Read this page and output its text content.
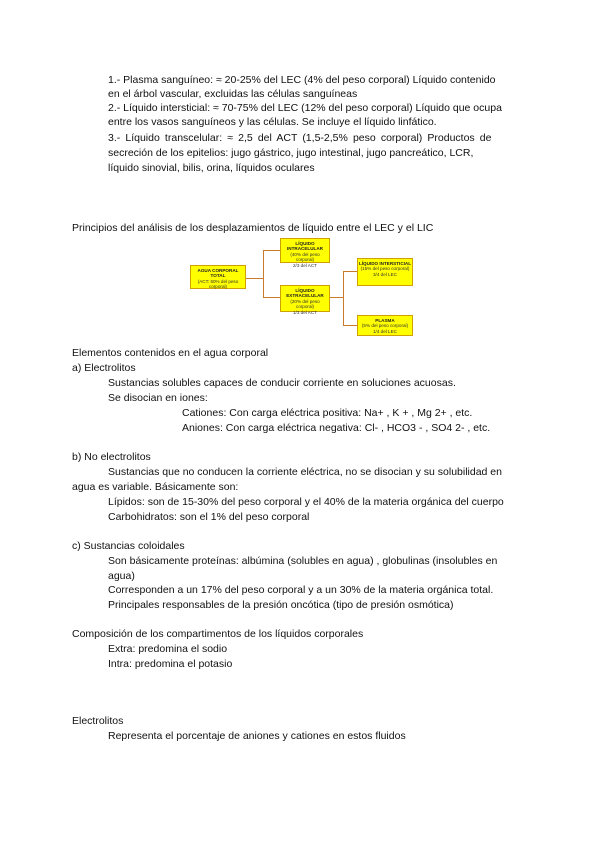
1.- Plasma sanguíneo: ≈ 20-25% del LEC (4% del peso corporal) Líquido contenido
en el árbol vascular, excluidas las células sanguíneas
2.- Líquido intersticial: ≈ 70-75% del LEC (12% del peso corporal) Líquido que ocupa
entre los vasos sanguíneos y las células. Se incluye el líquido linfático.
3.- Líquido transcelular: ≈ 2,5 del ACT (1,5-2,5% peso corporal) Productos de
secreción de los epitelios: jugo gástrico, jugo intestinal, jugo pancreático, LCR,
líquido sinovial, bilis, orina, líquidos oculares
Principios del análisis de los desplazamientos de líquido entre el LEC y el LIC
AGUA CORPORAL TOTAL
(ACT: 60% del peso corporal)
LÍQUIDO INTRACELULAR
(40% del peso corporal)
2/3 del ACT
LÍQUIDO EXTRACELULAR
(20% del peso corporal)
1/3 del ACT
LÍQUIDO INTERSTICIAL
(15% del peso corporal)
3/4 del LEC
PLASMA
(5% del peso corporal)
1/4 del LEC
Elementos contenidos en el agua corporal
a) Electrolitos
Sustancias solubles capaces de conducir corriente en soluciones acuosas.
Se disocian en iones:
Cationes: Con carga eléctrica positiva: Na+ , K + , Mg 2+ , etc.
Aniones: Con carga eléctrica negativa: Cl- , HCO3 - , SO4 2- , etc.
b) No electrolitos
Sustancias que no conducen la corriente eléctrica, no se disocian y su solubilidad en
agua es variable. Básicamente son:
Lípidos: son de 15-30% del peso corporal y el 40% de la materia orgánica del cuerpo
Carbohidratos: son el 1% del peso corporal
c) Sustancias coloidales
Son básicamente proteínas: albúmina (solubles en agua) , globulinas (insolubles en
agua)
Corresponden a un 17% del peso corporal y a un 30% de la materia orgánica total.
Principales responsables de la presión oncótica (tipo de presión osmótica)
Composición de los compartimentos de los líquidos corporales
Extra: predomina el sodio
Intra: predomina el potasio
Electrolitos
Representa el porcentaje de aniones y cationes en estos fluidos
